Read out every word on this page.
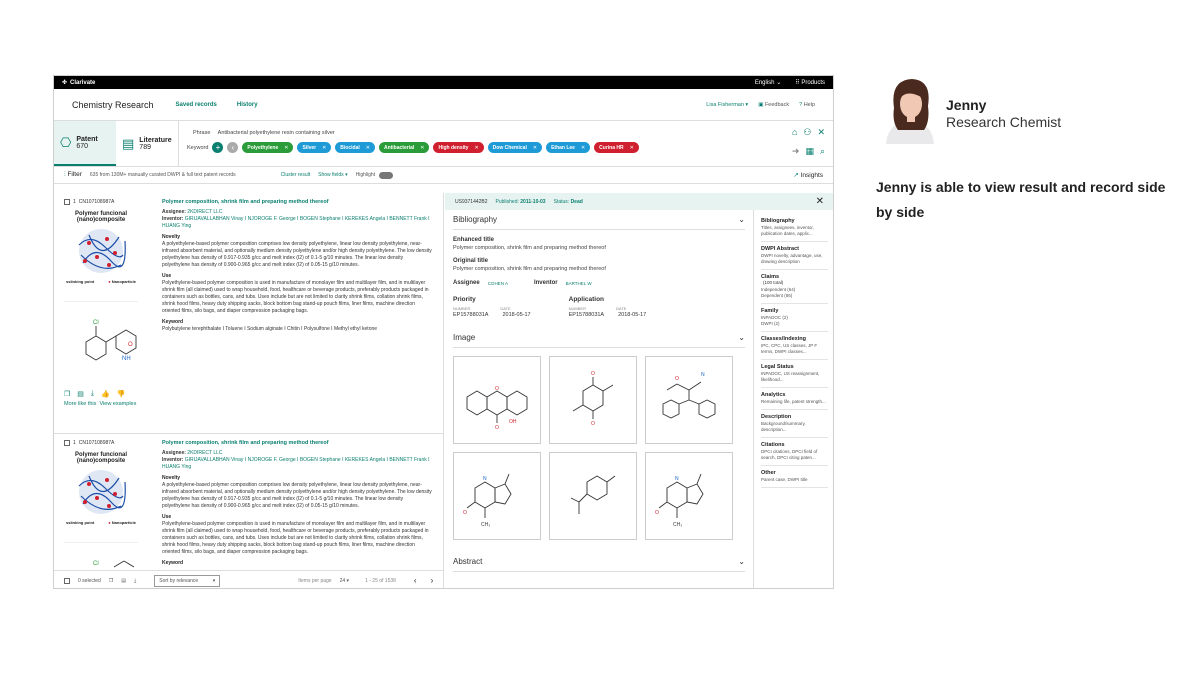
✤ Clarivate	English ⌄ ⠿ Products
Chemistry Research	Saved records	History	Lisa Fisherman ▾ ▣ Feedback ? Help
⎔ Patent
670	▤ Literature
789
Phrase Antibacterial polyethylene resin containing silver
Keyword +	‹	Polyethylene ✕	Silver ✕	Biocidal ✕	Antibacterial ✕	High density ✕	Dow Chemical ✕	Ethan Lee ✕	Curina HR ✕
⌂ ⚇ ✕
➜ ▦ ⌕
⫶ Filter 635 from 130M+ manually curated DWPI & full text patent records	Cluster result Show fields ▾ Highlight	↗ Insights
1 CN107108987A
Polymer funcional (nano)composite
sslinking point	● Nanoparticle
Cl
NH
O
❐ ▤ ⤓ 👍 👎
More like this View examples
Polymer composition, shrink film and preparing method thereof
Assignee: 2KDIRECT LLC
Inventor: GIRIJAVALLABHAN Vinay I NJOROGE F. George I BOGEN Stephane I KEREKES Angela I BENNETT Frank I HUANG Ying
Novelty
A polyethylene-based polymer composition comprises low density polyethylene, linear low density polyethylene, near-infrared absorbent material, and optionally medium density polyethylene and/or high density polyethylene. The low density polyethylene has density of 0.917-0.935 g/cc and melt index (I2) of 0.1-5 g/10 minutes. The linear low density polyethylene has density of 0.900-0.965 g/cc and melt index (I2) of 0.05-15 g/10 minutes.
Use
Polyethylene-based polymer composition is used in manufacture of monolayer film and multilayer film, and in multilayer shrink film (all claimed) used to wrap household, food, healthcare or beverage products, preferably products packaged in containers such as bottles, cans, and tubs. Uses include but are not limited to clarity shrink films, collation shrink films, shrink hood films, heavy duty shipping sacks, block bottom bag stand-up pouch films, liner films, machine direction oriented films, silo bags, and diaper compression packaging bags.
Keyword
Polybutylene terephthalate I Toluene I Sodium alginate I Chitin I Polysulfone I Methyl ethyl ketone
1 CN107108987A
Polymer funcional (nano)composite
sslinking point	● Nanoparticle
Cl
Polymer composition, shrink film and preparing method thereof
Assignee: 2KDIRECT LLC
Inventor: GIRIJAVALLABHAN Vinay I NJOROGE F. George I BOGEN Stephane I KEREKES Angela I BENNETT Frank I HUANG Ying
Novelty
A polyethylene-based polymer composition comprises low density polyethylene, linear low density polyethylene, near-infrared absorbent material, and optionally medium density polyethylene and/or high density polyethylene. The low density polyethylene has density of 0.917-0.935 g/cc and melt index (I2) of 0.1-5 g/10 minutes. The linear low density polyethylene has density of 0.900-0.965 g/cc and melt index (I2) of 0.05-15 g/10 minutes.
Use
Polyethylene-based polymer composition is used in manufacture of monolayer film and multilayer film, and in multilayer shrink film (all claimed) used to wrap household, food, healthcare or beverage products, preferably products packaged in containers such as bottles, cans, and tubs. Uses include but are not limited to clarity shrink films, collation shrink films, shrink hood films, heavy duty shipping sacks, block bottom bag stand-up pouch films, liner films, machine direction oriented films, silo bags, and diaper compression packaging bags.
Keyword
0 selected ❐ ▤ ⤓	Sort by relevance	▾	Items per page 24 ▾	1 - 25 of 1538 ‹ ›
US9371442B2 Published: 2011-10-03 Status: Dead	✕
Bibliography	⌄
Enhanced title
Polymer composition, shrink film and preparing method thereof
Original title
Polymer composition, shrink film and preparing method thereof
Assignee COHEN A	Inventor BARTHEL W
Priority
NUMBER	DATE
EP15788031A	2018-05-17
Application
NUMBER	DATE
EP15788031A	2018-05-17
Image	⌄
O
O
OH
O
O
N
O
N
CH₃
O
N
CH₃
O
Abstract	⌄
Bibliography
Titles, assignees, inventor, publication dates, applic...
DWPI Abstract
DWPI novelty, advantage, use, drawing description
Claims
(100 total)
Independent (64)
Dependent (86)
Family
INPADOC (2)
DWPI (2)
Classes/Indexing
IPC, CPC, US classes, JP F terms, DWPI classes...
Legal Status
INPADOC, US reassignment, likelihood...
Analytics
Remaining life, patent strength...
Description
Background/summary, description...
Citations
DPCI citations, DPCI field of search, DPCI citing paten...
Other
Parent case, DWPI title
Jenny
Research Chemist
Jenny is able to view result and record side by side
